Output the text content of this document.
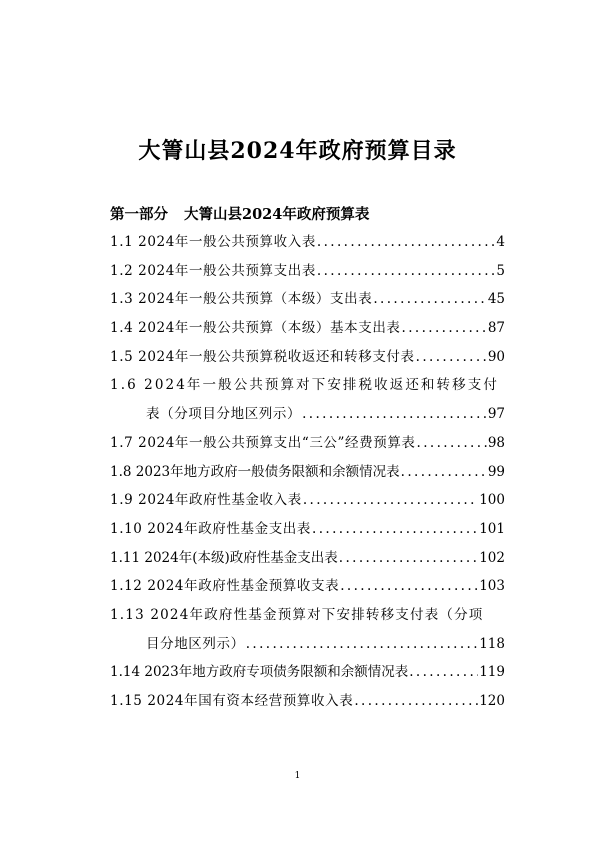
大箐山县2024年政府预算目录
第一部分 大箐山县2024年政府预算表
1.1 2024年一般公共预算收入表 .....	4
1.2 2024年一般公共预算支出表 .....	5
1.3 2024年一般公共预算（本级）支出表 .....	45
1.4 2024年一般公共预算（本级）基本支出表 .....	87
1.5 2024年一般公共预算税收返还和转移支付表 .....	90
1.6 2024年一般公共预算对下安排税收返还和转移支付
表（分项目分地区列示） .....	97
1.7 2024年一般公共预算支出“三公”经费预算表 .....	98
1.8 2023年地方政府一般债务限额和余额情况表 .....	99
1.9 2024年政府性基金收入表 .....	100
1.10 2024年政府性基金支出表 .....	101
1.11 2024年(本级)政府性基金支出表 .....	102
1.12 2024年政府性基金预算收支表 .....	103
1.13 2024年政府性基金预算对下安排转移支付表（分项
目分地区列示） .....	118
1.14 2023年地方政府专项债务限额和余额情况表 .....	119
1.15 2024年国有资本经营预算收入表 .....	120
1
